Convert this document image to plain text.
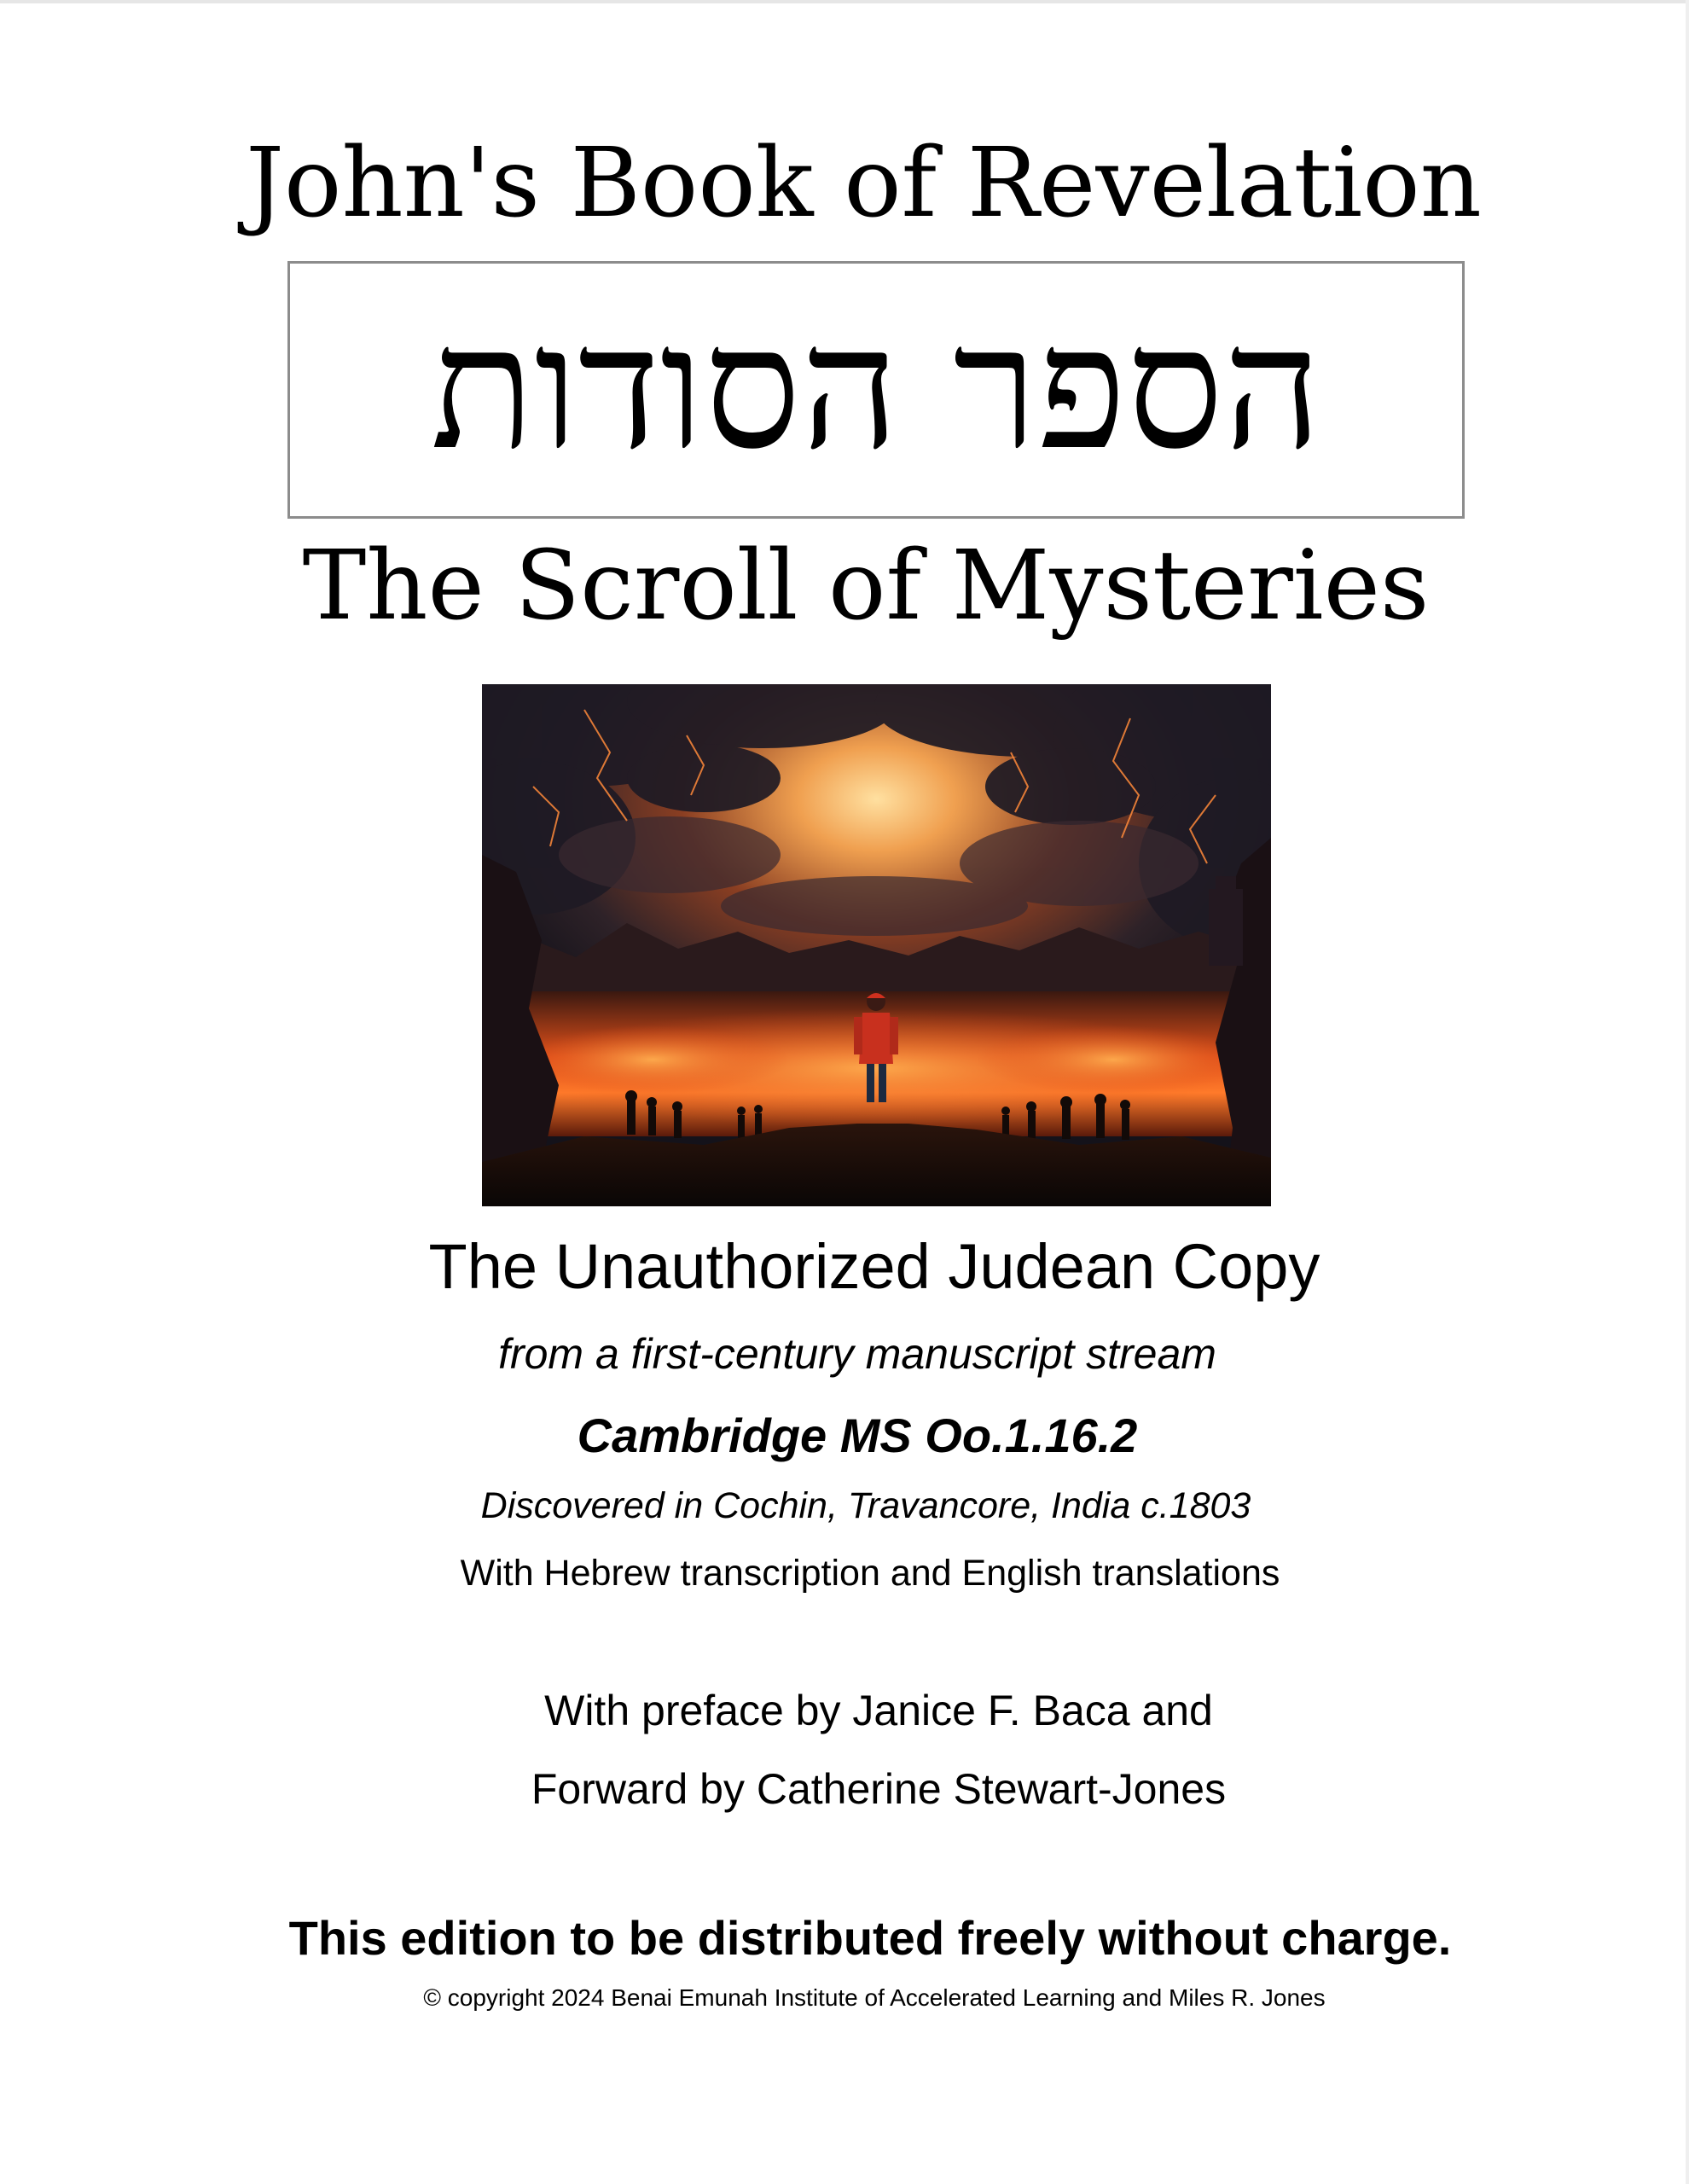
John's Book of Revelation
הספר הסודות
The Scroll of Mysteries
The Unauthorized Judean Copy
from a first-century manuscript stream
Cambridge MS Oo.1.16.2
Discovered in Cochin, Travancore, India c.1803
With Hebrew transcription and English translations
With preface by Janice F. Baca and
Forward by Catherine Stewart-Jones
This edition to be distributed freely without charge.
© copyright 2024 Benai Emunah Institute of Accelerated Learning and Miles R. Jones
